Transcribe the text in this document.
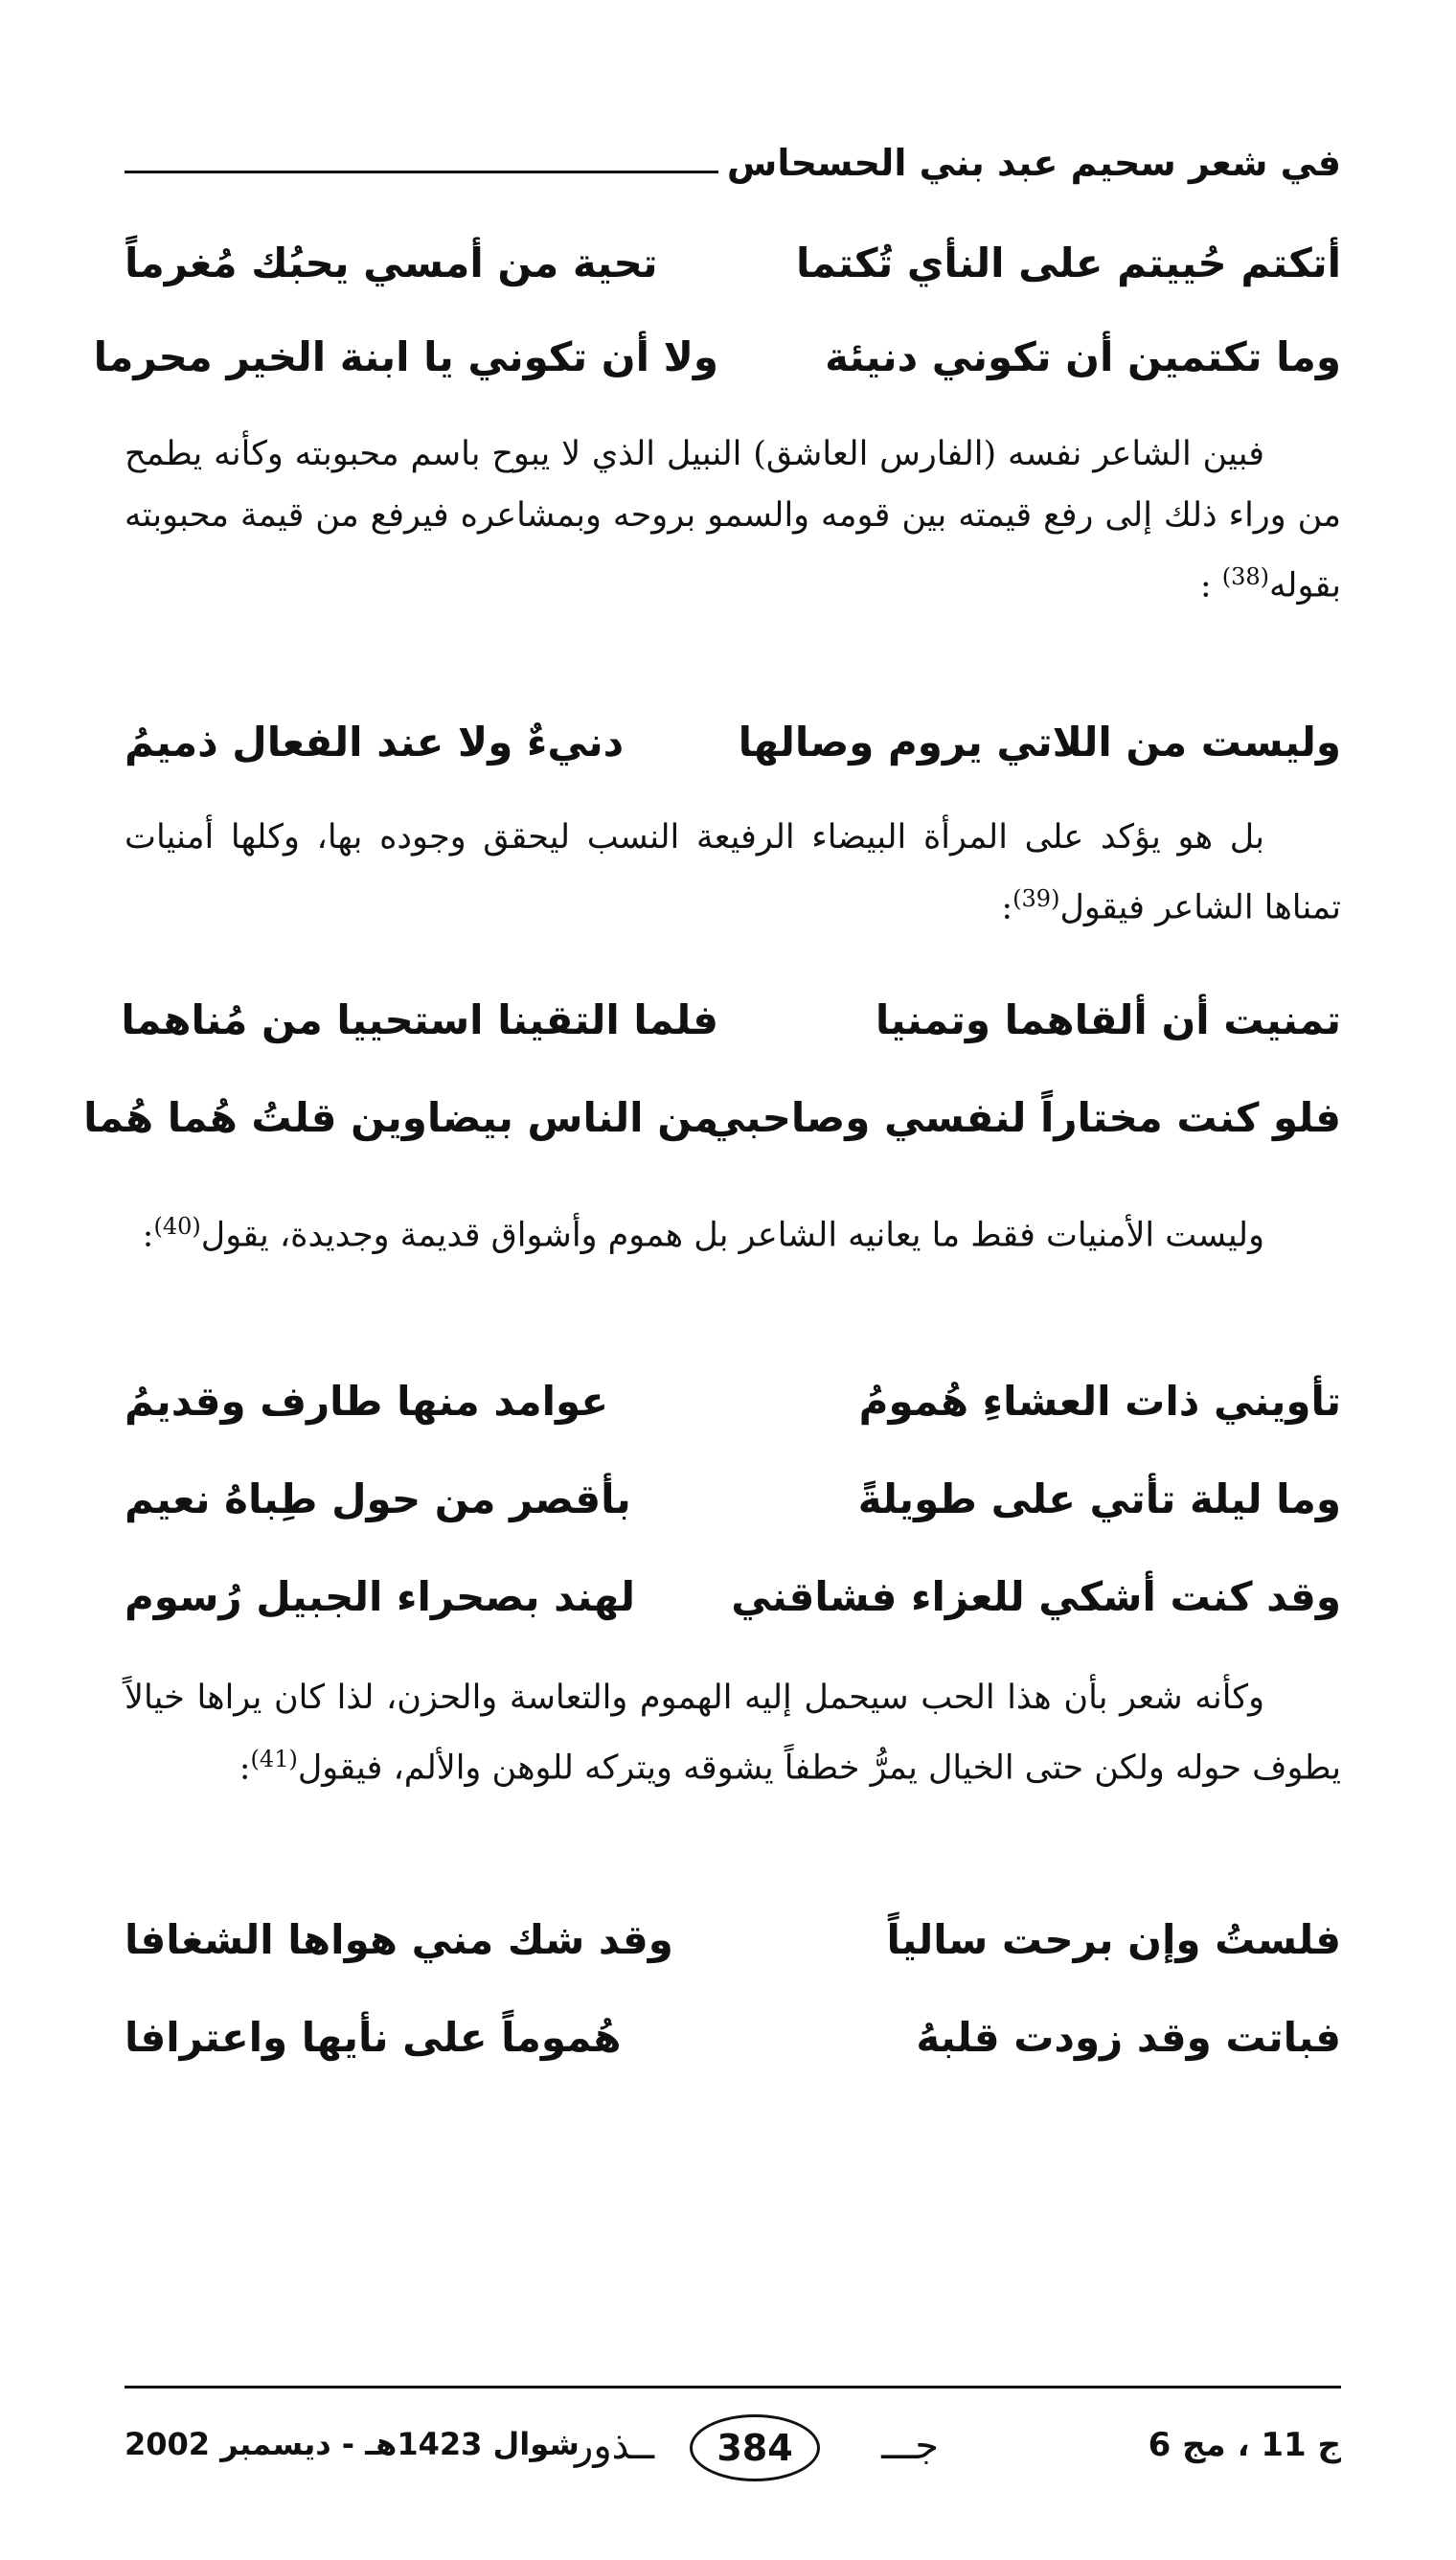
في شعر سحيم عبد بني الحسحاس
أتكتم حُييتم على النأي تُكتما
تحية من أمسي يحبُك مُغرماً
وما تكتمين أن تكوني دنيئة
ولا أن تكوني يا ابنة الخير محرما

فبين الشاعر نفسه (الفارس العاشق) النبيل الذي لا يبوح باسم محبوبته وكأنه يطمح من وراء ذلك إلى رفع قيمته بين قومه والسمو بروحه وبمشاعره فيرفع من قيمة محبوبته بقوله$^{(38)}$ :

وليست من اللاتي يروم وصالها
دنيءٌ ولا عند الفعال ذميمُ

بل هو يؤكد على المرأة البيضاء الرفيعة النسب ليحقق وجوده بها، وكلها أمنيات تمناها الشاعر فيقول$^{(39)}$:

تمنيت أن ألقاهما وتمنيا
فلما التقينا استحييا من مُناهما
فلو كنت مختاراً لنفسي وصاحبي
من الناس بيضاوين قلتُ هُما هُما

وليست الأمنيات فقط ما يعانيه الشاعر بل هموم وأشواق قديمة وجديدة، يقول$^{(40)}$:

تأويني ذات العشاءِ هُمومُ
عوامد منها طارف وقديمُ
وما ليلة تأتي على طويلةً
بأقصر من حول طِباهُ نعيم
وقد كنت أشكي للعزاء فشاقني
لهند بصحراء الجبيل رُسوم

وكأنه شعر بأن هذا الحب سيحمل إليه الهموم والتعاسة والحزن، لذا كان يراها خيالاً يطوف حوله ولكن حتى الخيال يمرُّ خطفاً يشوقه ويتركه للوهن والألم، فيقول$^{(41)}$:

فلستُ وإن برحت سالياً
وقد شك مني هواها الشغافا
فباتت وقد زودت قلبهُ
هُموماً على نأيها واعترافا
ج 11 ، مج 6
جـــ
384
ــذور
شوال 1423هـ - ديسمبر 2002
